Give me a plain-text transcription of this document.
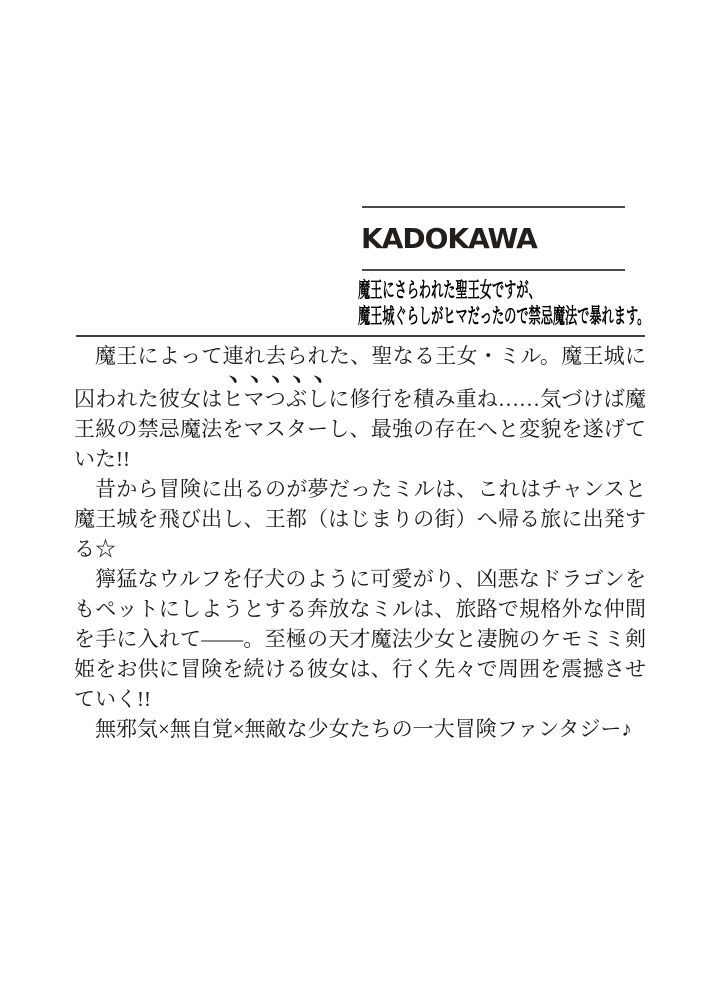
KADOKAWA
魔王にさらわれた聖王女ですが、
魔王城ぐらしがヒマだったので禁忌魔法で暴れます。

魔王によって連れ去られた、聖なる王女・ミル。魔王城に囚われた彼女はヒマつぶしに修行を積み重ね……気づけば魔王級の禁忌魔法をマスターし、最強の存在へと変貌を遂げていた!!

昔から冒険に出るのが夢だったミルは、これはチャンスと魔王城を飛び出し、王都（はじまりの街）へ帰る旅に出発する☆

獰猛なウルフを仔犬のように可愛がり、凶悪なドラゴンをもペットにしようとする奔放なミルは、旅路で規格外な仲間を手に入れて——。至極の天才魔法少女と凄腕のケモミミ剣姫をお供に冒険を続ける彼女は、行く先々で周囲を震撼させていく!!

無邪気×無自覚×無敵な少女たちの一大冒険ファンタジー♪
